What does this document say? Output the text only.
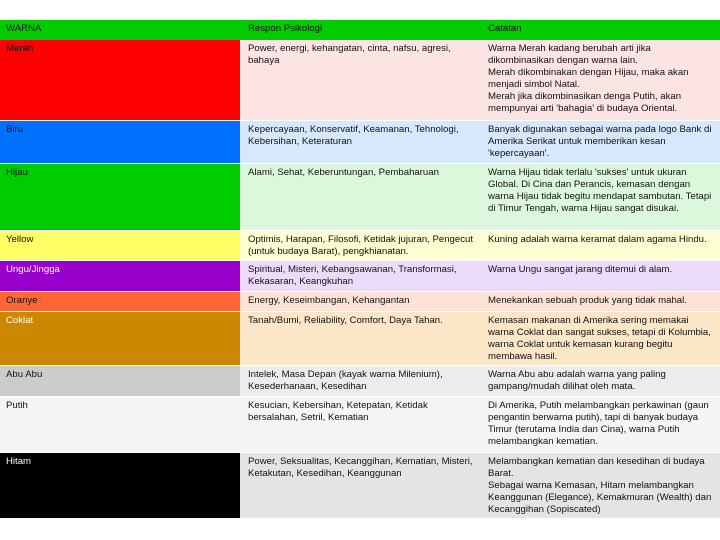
WARNA	Respon Psikologi	Catatan
Merah	Power, energi, kehangatan, cinta, nafsu, agresi, bahaya	Warna Merah kadang berubah arti jika dikombinasikan dengan warna lain.
Merah dikombinakan dengan Hijau, maka akan menjadi simbol Natal.
Merah jika dikombinasikan denga Putih, akan mempunyai arti 'bahagia' di budaya Oriental.
Biru	Kepercayaan, Konservatif, Keamanan, Tehnologi, Kebersihan, Keteraturan	Banyak digunakan sebagai warna pada logo Bank di Amerika Serikat untuk memberikan kesan 'kepercayaan'.
Hijau	Alami, Sehat, Keberuntungan, Pembaharuan	Warna Hijau tidak terlalu 'sukses' untuk ukuran Global. Di Cina dan Perancis, kemasan dengan warna Hijau tidak begitu mendapat sambutan. Tetapi di Timur Tengah, warna Hijau sangat disukai.
Yellow	Optimis, Harapan, Filosofi, Ketidak jujuran, Pengecut (untuk budaya Barat), pengkhianatan.	Kuning adalah warna keramat dalam agama Hindu.
Ungu/Jingga	Spiritual, Misteri, Kebangsawanan, Transformasi, Kekasaran, Keangkuhan	Warna Ungu sangat jarang ditemui di alam.
Oranye	Energy, Keseimbangan, Kehangantan	Menekankan sebuah produk yang tidak mahal.
Coklat	Tanah/Bumi, Reliability, Comfort, Daya Tahan.	Kemasan makanan di Amerika sering memakai warna Coklat dan sangat sukses, tetapi di Kolumbia, warna Coklat untuk kemasan kurang begitu membawa hasil.
Abu Abu	Intelek, Masa Depan (kayak warna Milenium), Kesederhanaan, Kesedihan	Warna Abu abu adalah warna yang paling gampang/mudah dilihat oleh mata.
Putih	Kesucian, Kebersihan, Ketepatan, Ketidak bersalahan, Setril, Kematian	Di Amerika, Putih melambangkan perkawinan (gaun pengantin berwarna putih), tapi di banyak budaya Timur (terutama India dan Cina), warna Putih melambangkan kematian.
Hitam	Power, Seksualitas, Kecanggihan, Kematian, Misteri, Ketakutan, Kesedihan, Keanggunan	Melambangkan kematian dan kesedihan di budaya Barat.
Sebagai warna Kemasan, Hitam melambangkan Keanggunan (Elegance), Kemakmuran (Wealth) dan Kecanggihan (Sopiscated)
